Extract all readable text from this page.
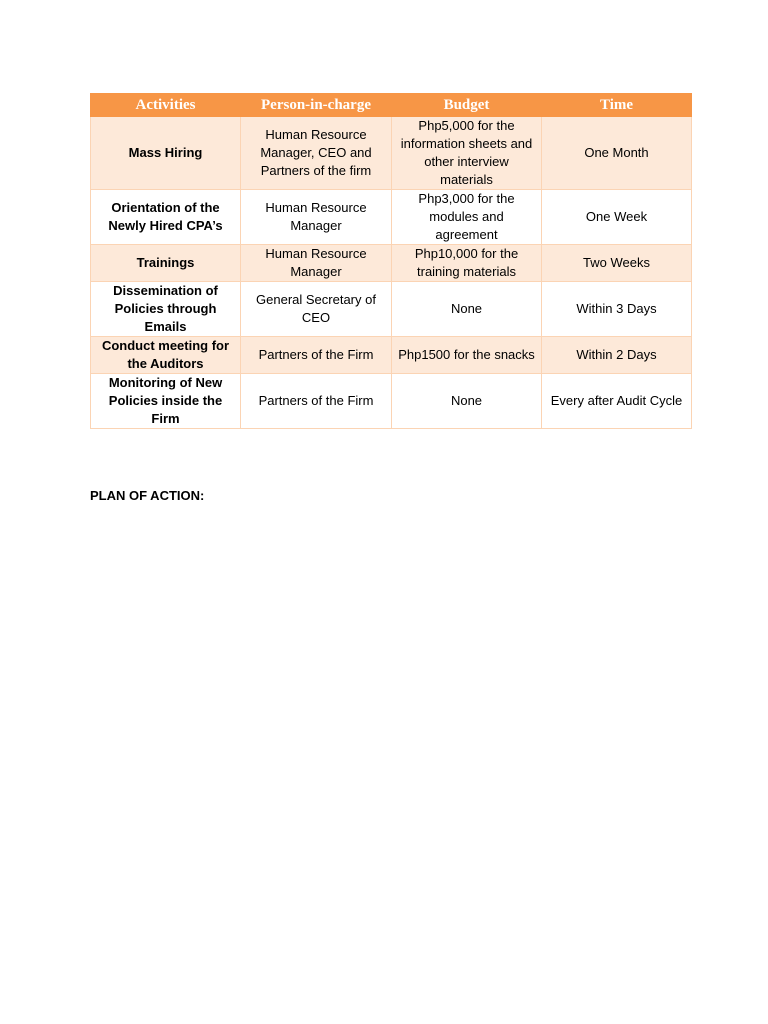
Activities	Person-in-charge	Budget	Time
Mass Hiring	Human Resource Manager, CEO and Partners of the firm	Php5,000 for the information sheets and other interview materials	One Month
Orientation of the Newly Hired CPA’s	Human Resource Manager	Php3,000 for the modules and agreement	One Week
Trainings	Human Resource Manager	Php10,000 for the training materials	Two Weeks
Dissemination of Policies through Emails	General Secretary of CEO	None	Within 3 Days
Conduct meeting for the Auditors	Partners of the Firm	Php1500 for the snacks	Within 2 Days
Monitoring of New Policies inside the Firm	Partners of the Firm	None	Every after Audit Cycle

PLAN OF ACTION:
